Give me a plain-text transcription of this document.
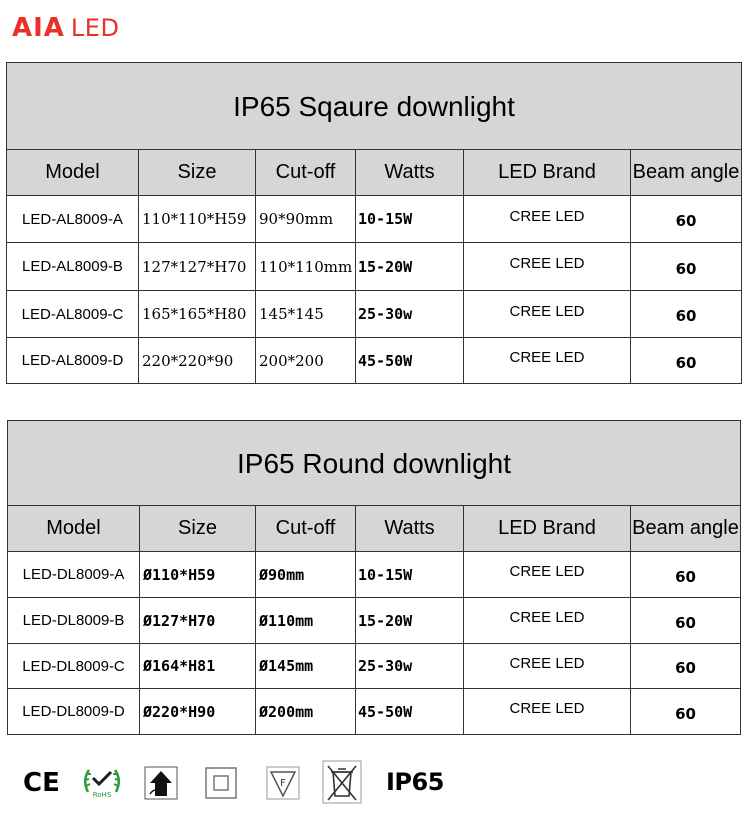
AIA LED
IP65 Sqaure downlight					
Model	Size	Cut-off	Watts	LED Brand	Beam angle
LED-AL8009-A	110*110*H59	90*90mm	10-15W	CREE LED	60
LED-AL8009-B	127*127*H70	110*110mm	15-20W	CREE LED	60
LED-AL8009-C	165*165*H80	145*145	25-30w	CREE LED	60
LED-AL8009-D	220*220*90	200*200	45-50W	CREE LED	60
IP65 Round downlight					
Model	Size	Cut-off	Watts	LED Brand	Beam angle
LED-DL8009-A	Ø110*H59	Ø90mm	10-15W	CREE LED	60
LED-DL8009-B	Ø127*H70	Ø110mm	15-20W	CREE LED	60
LED-DL8009-C	Ø164*H81	Ø145mm	25-30w	CREE LED	60
LED-DL8009-D	Ø220*H90	Ø200mm	45-50W	CREE LED	60
CE	RoHS
F	IP65
